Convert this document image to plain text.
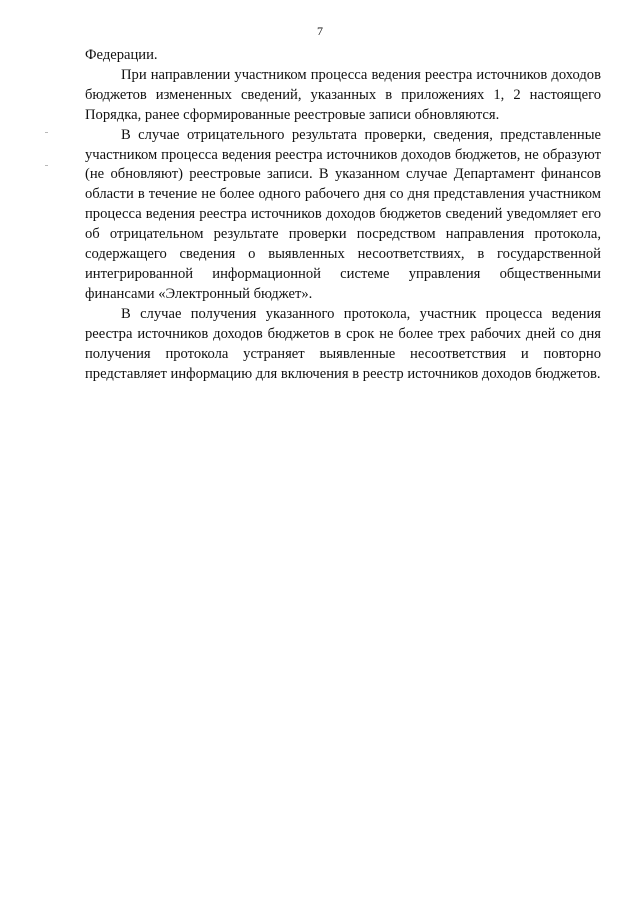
7

Федерации.

При направлении участником процесса ведения реестра источников доходов бюджетов измененных сведений, указанных в приложениях 1, 2 настоящего Порядка, ранее сформированные реестровые записи обновляются.

В случае отрицательного результата проверки, сведения, представленные участником процесса ведения реестра источников доходов бюджетов, не образуют (не обновляют) реестровые записи. В указанном случае Департамент финансов области в течение не более одного рабочего дня со дня представления участником процесса ведения реестра источников доходов бюджетов сведений уведомляет его об отрицательном результате проверки посредством направления протокола, содержащего сведения о выявленных несоответствиях, в государственной интегрированной информационной системе управления общественными финансами «Электронный бюджет».

В случае получения указанного протокола, участник процесса ведения реестра источников доходов бюджетов в срок не более трех рабочих дней со дня получения протокола устраняет выявленные несоответствия и повторно представляет информацию для включения в реестр источников доходов бюджетов.
